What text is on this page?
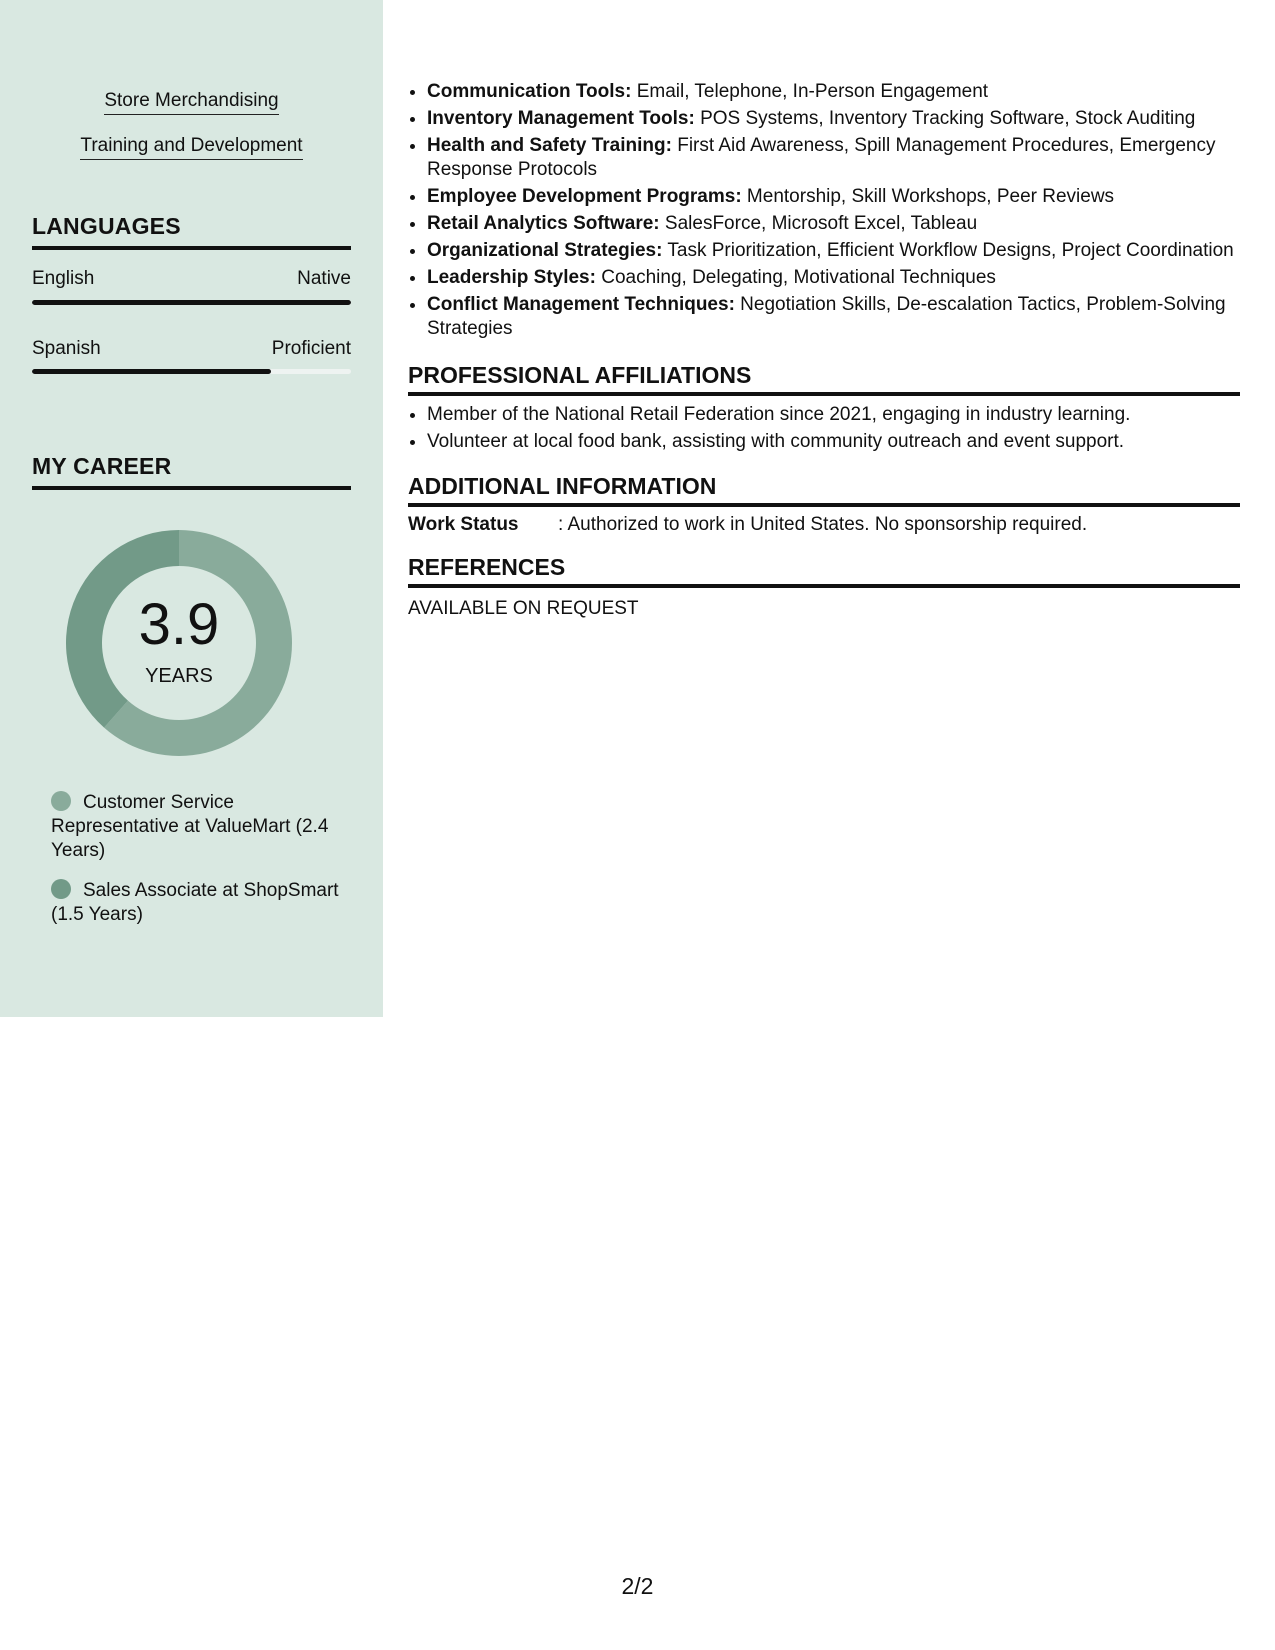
Store Merchandising
Training and Development
LANGUAGES
English	Native
Spanish	Proficient
MY CAREER
3.9
YEARS
Customer Service Representative at ValueMart (2.4 Years)
Sales Associate at ShopSmart (1.5 Years)
• Communication Tools: Email, Telephone, In-Person Engagement
• Inventory Management Tools: POS Systems, Inventory Tracking Software, Stock Auditing
• Health and Safety Training: First Aid Awareness, Spill Management Procedures, Emergency Response Protocols
• Employee Development Programs: Mentorship, Skill Workshops, Peer Reviews
• Retail Analytics Software: SalesForce, Microsoft Excel, Tableau
• Organizational Strategies: Task Prioritization, Efficient Workflow Designs, Project Coordination
• Leadership Styles: Coaching, Delegating, Motivational Techniques
• Conflict Management Techniques: Negotiation Skills, De-escalation Tactics, Problem-Solving Strategies
PROFESSIONAL AFFILIATIONS
• Member of the National Retail Federation since 2021, engaging in industry learning.
• Volunteer at local food bank, assisting with community outreach and event support.
ADDITIONAL INFORMATION
Work Status : Authorized to work in United States. No sponsorship required.
REFERENCES
AVAILABLE ON REQUEST
2/2
